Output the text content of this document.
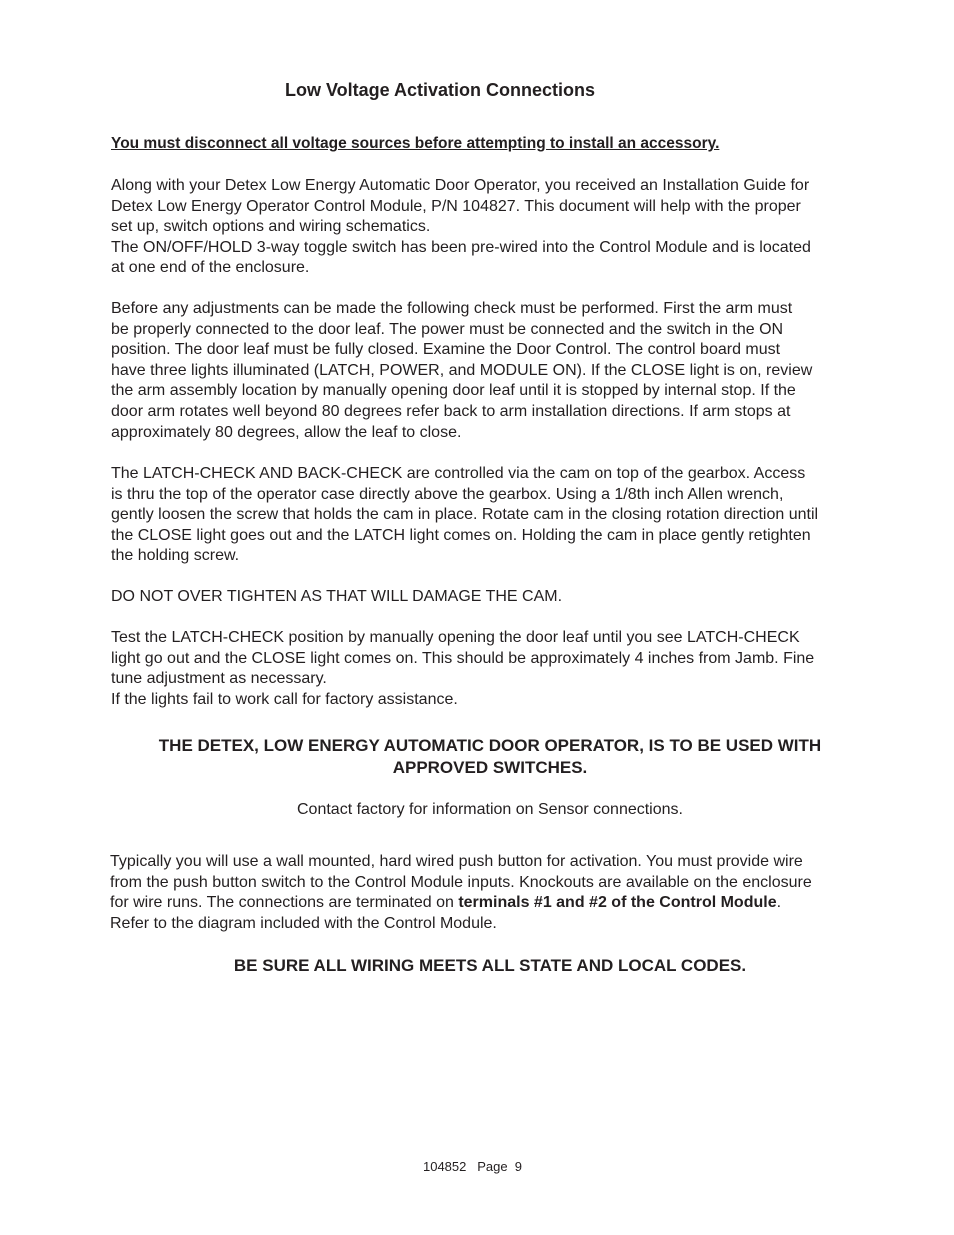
Low Voltage Activation Connections

You must disconnect all voltage sources before attempting to install an accessory.

Along with your Detex Low Energy Automatic Door Operator, you received an Installation Guide for
Detex Low Energy Operator Control Module, P/N 104827. This document will help with the proper
set up, switch options and wiring schematics.
The ON/OFF/HOLD 3-way toggle switch has been pre-wired into the Control Module and is located
at one end of the enclosure.

Before any adjustments can be made the following check must be performed. First the arm must
be properly connected to the door leaf. The power must be connected and the switch in the ON
position. The door leaf must be fully closed. Examine the Door Control. The control board must
have three lights illuminated (LATCH, POWER, and MODULE ON). If the CLOSE light is on, review
the arm assembly location by manually opening door leaf until it is stopped by internal stop. If the
door arm rotates well beyond 80 degrees refer back to arm installation directions. If arm stops at
approximately 80 degrees, allow the leaf to close.

The LATCH-CHECK AND BACK-CHECK are controlled via the cam on top of the gearbox. Access
is thru the top of the operator case directly above the gearbox. Using a 1/8th inch Allen wrench,
gently loosen the screw that holds the cam in place. Rotate cam in the closing rotation direction until
the CLOSE light goes out and the LATCH light comes on. Holding the cam in place gently retighten
the holding screw.

DO NOT OVER TIGHTEN AS THAT WILL DAMAGE THE CAM.

Test the LATCH-CHECK position by manually opening the door leaf until you see LATCH-CHECK
light go out and the CLOSE light comes on. This should be approximately 4 inches from Jamb. Fine
tune adjustment as necessary.
If the lights fail to work call for factory assistance.

THE DETEX, LOW ENERGY AUTOMATIC DOOR OPERATOR, IS TO BE USED WITH
APPROVED SWITCHES.

Contact factory for information on Sensor connections.

Typically you will use a wall mounted, hard wired push button for activation. You must provide wire
from the push button switch to the Control Module inputs. Knockouts are available on the enclosure
for wire runs. The connections are terminated on terminals #1 and #2 of the Control Module.
Refer to the diagram included with the Control Module.

BE SURE ALL WIRING MEETS ALL STATE AND LOCAL CODES.

104852   Page  9
